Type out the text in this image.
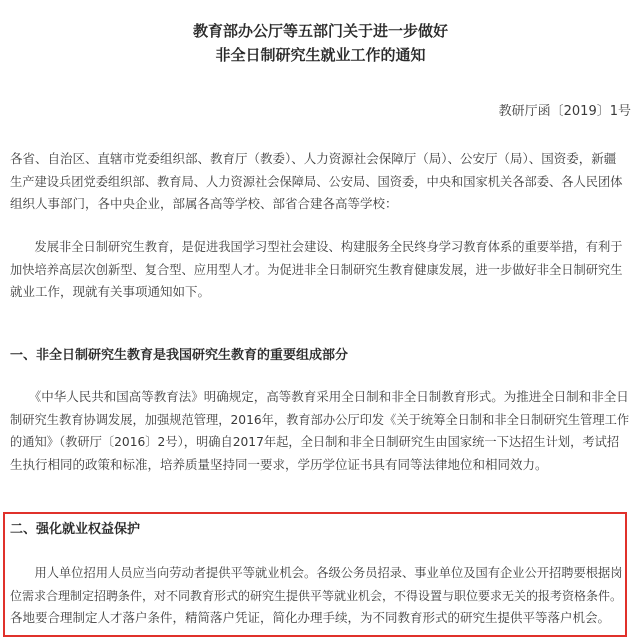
教育部办公厅等五部门关于进一步做好
非全日制研究生就业工作的通知
教研厅函〔2019〕1号
各省、自治区、直辖市党委组织部、教育厅（教委）、人力资源社会保障厅（局）、公安厅（局）、国资委，新疆
生产建设兵团党委组织部、教育局、人力资源社会保障局、公安局、国资委，中央和国家机关各部委、各人民团体
组织人事部门，各中央企业，部属各高等学校、部省合建各高等学校：
　　发展非全日制研究生教育，是促进我国学习型社会建设、构建服务全民终身学习教育体系的重要举措，有利于
加快培养高层次创新型、复合型、应用型人才。为促进非全日制研究生教育健康发展，进一步做好非全日制研究生
就业工作，现就有关事项通知如下。
一、非全日制研究生教育是我国研究生教育的重要组成部分
　　《中华人民共和国高等教育法》明确规定，高等教育采用全日制和非全日制教育形式。为推进全日制和非全日
制研究生教育协调发展，加强规范管理，2016年，教育部办公厅印发《关于统筹全日制和非全日制研究生管理工作
的通知》（教研厅〔2016〕2号），明确自2017年起，全日制和非全日制研究生由国家统一下达招生计划，考试招
生执行相同的政策和标准，培养质量坚持同一要求，学历学位证书具有同等法律地位和相同效力。
二、强化就业权益保护
　　用人单位招用人员应当向劳动者提供平等就业机会。各级公务员招录、事业单位及国有企业公开招聘要根据岗
位需求合理制定招聘条件，对不同教育形式的研究生提供平等就业机会，不得设置与职位要求无关的报考资格条件。
各地要合理制定人才落户条件，精简落户凭证，简化办理手续，为不同教育形式的研究生提供平等落户机会。
